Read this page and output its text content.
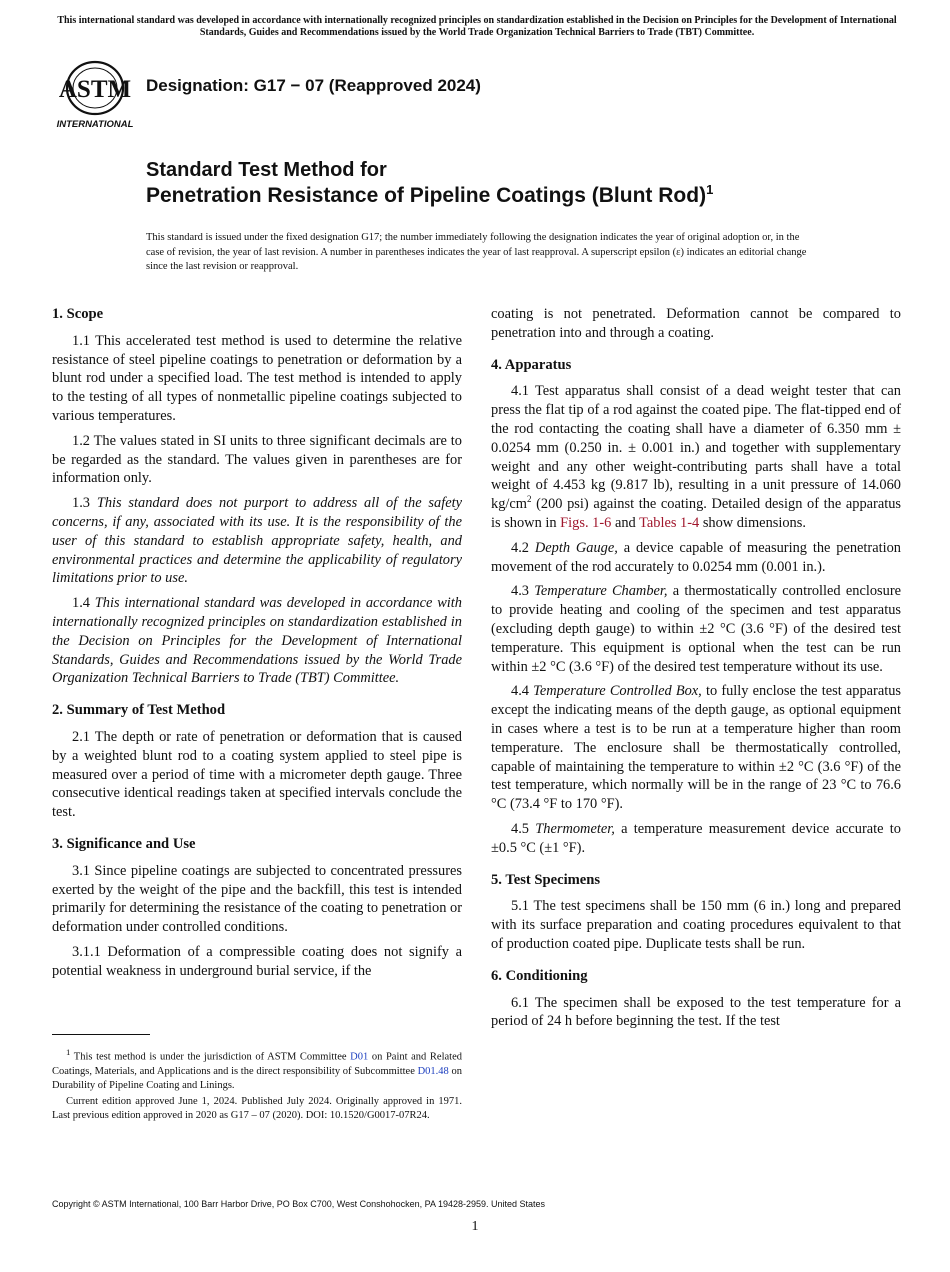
This international standard was developed in accordance with internationally recognized principles on standardization established in the Decision on Principles for the Development of International Standards, Guides and Recommendations issued by the World Trade Organization Technical Barriers to Trade (TBT) Committee.
ASTM
INTERNATIONAL
Designation: G17 − 07 (Reapproved 2024)
Standard Test Method for
Penetration Resistance of Pipeline Coatings (Blunt Rod)$^1$
This standard is issued under the fixed designation G17; the number immediately following the designation indicates the year of original adoption or, in the case of revision, the year of last revision. A number in parentheses indicates the year of last reapproval. A superscript epsilon (ε) indicates an editorial change since the last revision or reapproval.
1. Scope

1.1 This accelerated test method is used to determine the relative resistance of steel pipeline coatings to penetration or deformation by a blunt rod under a specified load. The test method is intended to apply to the testing of all types of nonmetallic pipeline coatings subjected to various temperatures.

1.2 The values stated in SI units to three significant decimals are to be regarded as the standard. The values given in parentheses are for information only.

1.3 This standard does not purport to address all of the safety concerns, if any, associated with its use. It is the responsibility of the user of this standard to establish appropriate safety, health, and environmental practices and determine the applicability of regulatory limitations prior to use.

1.4 This international standard was developed in accordance with internationally recognized principles on standardization established in the Decision on Principles for the Development of International Standards, Guides and Recommendations issued by the World Trade Organization Technical Barriers to Trade (TBT) Committee.

2. Summary of Test Method

2.1 The depth or rate of penetration or deformation that is caused by a weighted blunt rod to a coating system applied to steel pipe is measured over a period of time with a micrometer depth gauge. Three consecutive identical readings taken at specified intervals conclude the test.

3. Significance and Use

3.1 Since pipeline coatings are subjected to concentrated pressures exerted by the weight of the pipe and the backfill, this test is intended primarily for determining the resistance of the coating to penetration or deformation under controlled conditions.

3.1.1 Deformation of a compressible coating does not signify a potential weakness in underground burial service, if the

coating is not penetrated. Deformation cannot be compared to penetration into and through a coating.

4. Apparatus

4.1 Test apparatus shall consist of a dead weight tester that can press the flat tip of a rod against the coated pipe. The flat-tipped end of the rod contacting the coating shall have a diameter of 6.350 mm ± 0.0254 mm (0.250 in. ± 0.001 in.) and together with supplementary weight and any other weight-contributing parts shall have a total weight of 4.453 kg (9.817 lb), resulting in a unit pressure of 14.060 $kg/cm^2$ (200 psi) against the coating. Detailed design of the apparatus is shown in Figs. 1-6 and Tables 1-4 show dimensions.

4.2 Depth Gauge, a device capable of measuring the penetration movement of the rod accurately to 0.0254 mm (0.001 in.).

4.3 Temperature Chamber, a thermostatically controlled enclosure to provide heating and cooling of the specimen and test apparatus (excluding depth gauge) to within ±2 °C (3.6 °F) of the desired test temperature. This equipment is optional when the test can be run within ±2 °C (3.6 °F) of the desired test temperature without its use.

4.4 Temperature Controlled Box, to fully enclose the test apparatus except the indicating means of the depth gauge, as optional equipment in cases where a test is to be run at a temperature higher than room temperature. The enclosure shall be thermostatically controlled, capable of maintaining the temperature to within ±2 °C (3.6 °F) of the test temperature, which normally will be in the range of 23 °C to 76.6 °C (73.4 °F to 170 °F).

4.5 Thermometer, a temperature measurement device accurate to ±0.5 °C (±1 °F).

5. Test Specimens

5.1 The test specimens shall be 150 mm (6 in.) long and prepared with its surface preparation and coating procedures equivalent to that of production coated pipe. Duplicate tests shall be run.

6. Conditioning

6.1 The specimen shall be exposed to the test temperature for a period of 24 h before beginning the test. If the test

$^1$ This test method is under the jurisdiction of ASTM Committee D01 on Paint and Related Coatings, Materials, and Applications and is the direct responsibility of Subcommittee D01.48 on Durability of Pipeline Coating and Linings.

Current edition approved June 1, 2024. Published July 2024. Originally approved in 1971. Last previous edition approved in 2020 as G17 – 07 (2020). DOI: 10.1520/G0017-07R24.

Copyright © ASTM International, 100 Barr Harbor Drive, PO Box C700, West Conshohocken, PA 19428-2959. United States
1
